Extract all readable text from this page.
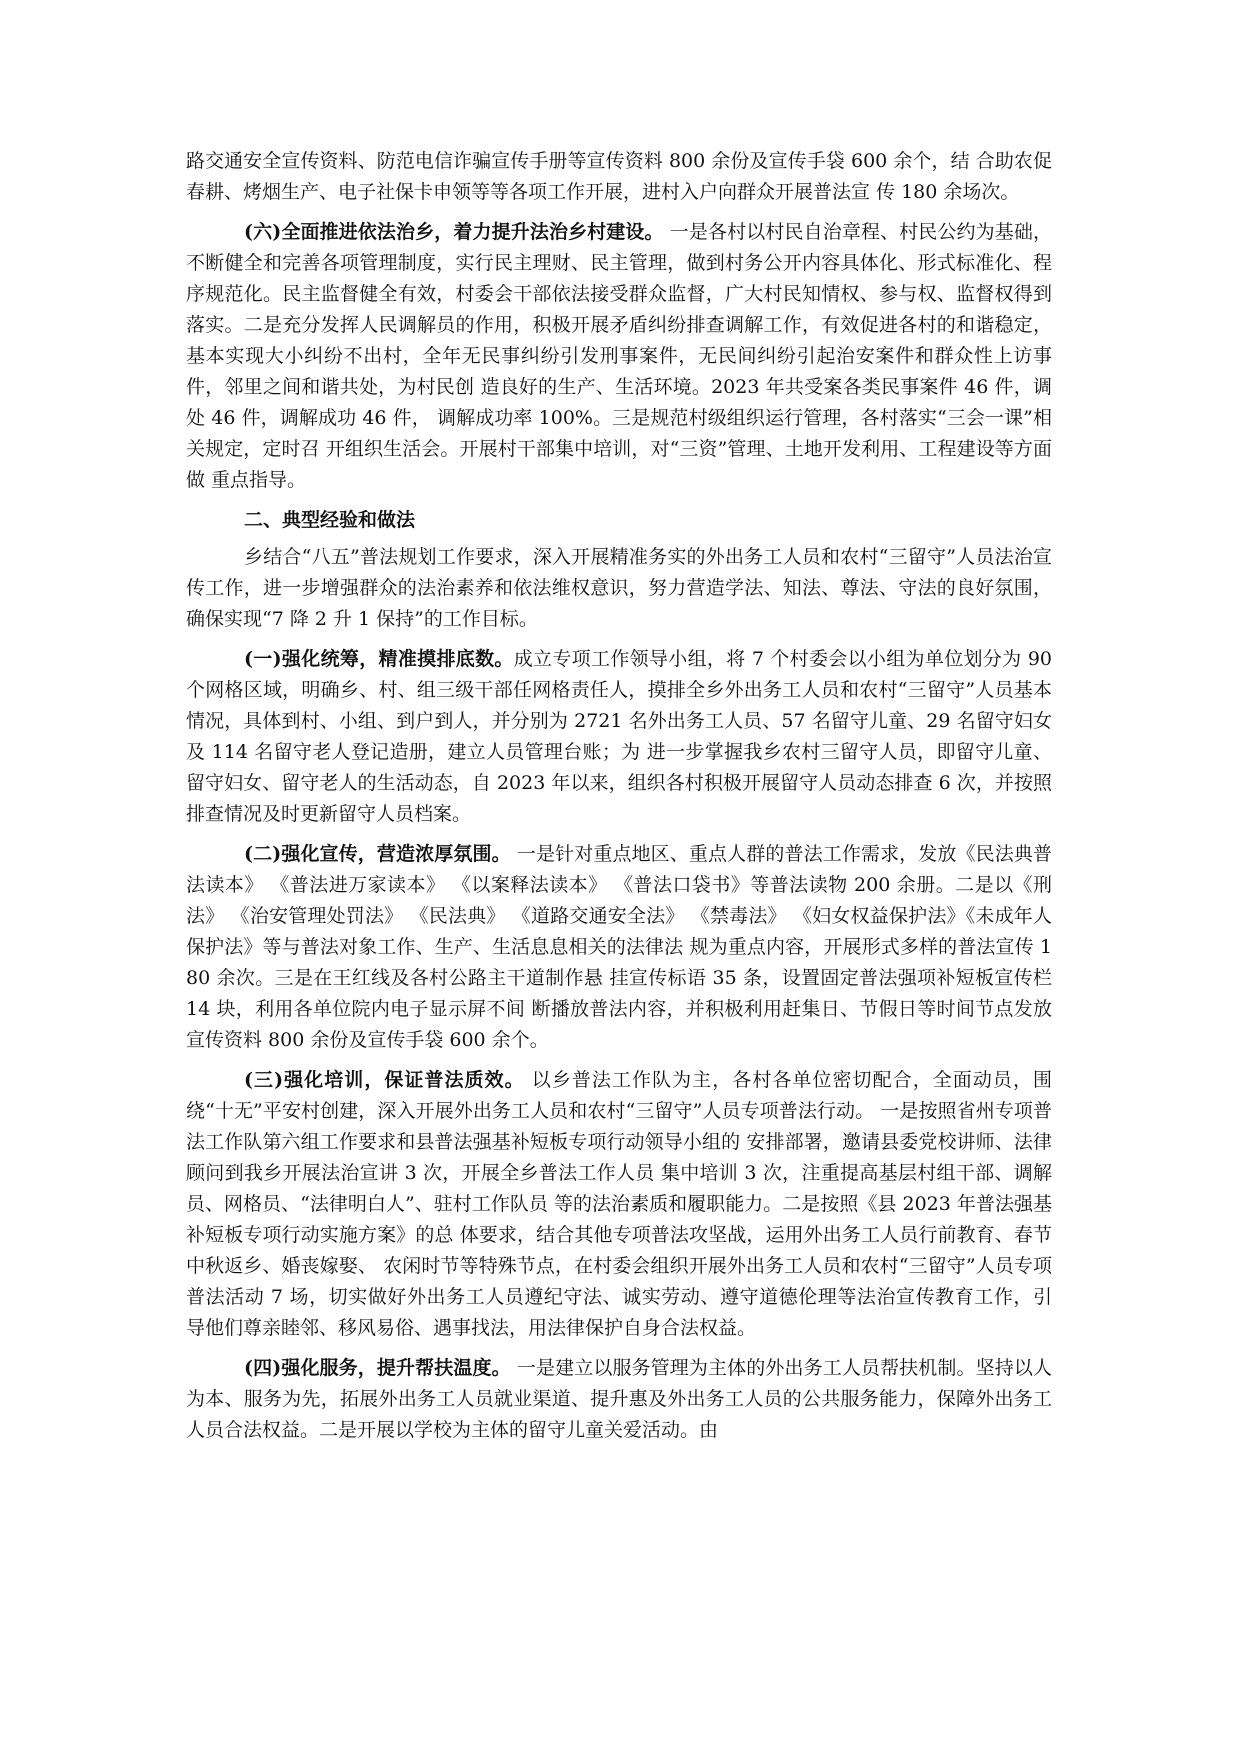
路交通安全宣传资料、防范电信诈骗宣传手册等宣传资料 800 余份及宣传手袋 600 余个，结 合助农促春耕、烤烟生产、电子社保卡申领等等各项工作开展，进村入户向群众开展普法宣 传 180 余场次。

(六)全面推进依法治乡，着力提升法治乡村建设。 一是各村以村民自治章程、村民公约为基础，不断健全和完善各项管理制度，实行民主理财、民主管理，做到村务公开内容具体化、形式标准化、程序规范化。民主监督健全有效，村委会干部依法接受群众监督，广大村民知情权、参与权、监督权得到落实。二是充分发挥人民调解员的作用，积极开展矛盾纠纷排查调解工作，有效促进各村的和谐稳定，基本实现大小纠纷不出村，全年无民事纠纷引发刑事案件，无民间纠纷引起治安案件和群众性上访事件，邻里之间和谐共处，为村民创 造良好的生产、生活环境。2023 年共受案各类民事案件 46 件，调处 46 件，调解成功 46 件， 调解成功率 100%。三是规范村级组织运行管理，各村落实“三会一课”相关规定，定时召 开组织生活会。开展村干部集中培训，对“三资”管理、土地开发利用、工程建设等方面做 重点指导。

二、典型经验和做法

乡结合“八五”普法规划工作要求，深入开展精准务实的外出务工人员和农村“三留守”人员法治宣传工作，进一步增强群众的法治素养和依法维权意识，努力营造学法、知法、尊法、守法的良好氛围，确保实现“7 降 2 升 1 保持”的工作目标。

(一)强化统筹，精准摸排底数。成立专项工作领导小组，将 7 个村委会以小组为单位划分为 90 个网格区域，明确乡、村、组三级干部任网格责任人，摸排全乡外出务工人员和农村“三留守”人员基本情况，具体到村、小组、到户到人，并分别为 2721 名外出务工人员、57 名留守儿童、29 名留守妇女及 114 名留守老人登记造册，建立人员管理台账；为 进一步掌握我乡农村三留守人员，即留守儿童、留守妇女、留守老人的生活动态，自 2023 年以来，组织各村积极开展留守人员动态排查 6 次，并按照排查情况及时更新留守人员档案。

(二)强化宣传，营造浓厚氛围。 一是针对重点地区、重点人群的普法工作需求，发放《民法典普法读本》 《普法进万家读本》 《以案释法读本》 《普法口袋书》等普法读物 200 余册。二是以《刑法》 《治安管理处罚法》 《民法典》 《道路交通安全法》 《禁毒法》 《妇女权益保护法》《未成年人保护法》等与普法对象工作、生产、生活息息相关的法律法 规为重点内容，开展形式多样的普法宣传 180 余次。三是在王红线及各村公路主干道制作悬 挂宣传标语 35 条，设置固定普法强项补短板宣传栏 14 块，利用各单位院内电子显示屏不间 断播放普法内容，并积极利用赶集日、节假日等时间节点发放宣传资料 800 余份及宣传手袋 600 余个。

(三)强化培训，保证普法质效。 以乡普法工作队为主，各村各单位密切配合，全面动员，围绕“十无”平安村创建，深入开展外出务工人员和农村“三留守”人员专项普法行动。 一是按照省州专项普法工作队第六组工作要求和县普法强基补短板专项行动领导小组的 安排部署，邀请县委党校讲师、法律顾问到我乡开展法治宣讲 3 次，开展全乡普法工作人员 集中培训 3 次，注重提高基层村组干部、调解员、网格员、“法律明白人”、驻村工作队员 等的法治素质和履职能力。二是按照《县 2023 年普法强基补短板专项行动实施方案》的总 体要求，结合其他专项普法攻坚战，运用外出务工人员行前教育、春节中秋返乡、婚丧嫁娶、 农闲时节等特殊节点，在村委会组织开展外出务工人员和农村“三留守”人员专项普法活动 7 场，切实做好外出务工人员遵纪守法、诚实劳动、遵守道德伦理等法治宣传教育工作，引 导他们尊亲睦邻、移风易俗、遇事找法，用法律保护自身合法权益。

(四)强化服务，提升帮扶温度。 一是建立以服务管理为主体的外出务工人员帮扶机制。坚持以人为本、服务为先，拓展外出务工人员就业渠道、提升惠及外出务工人员的公共服务能力，保障外出务工人员合法权益。二是开展以学校为主体的留守儿童关爱活动。由
